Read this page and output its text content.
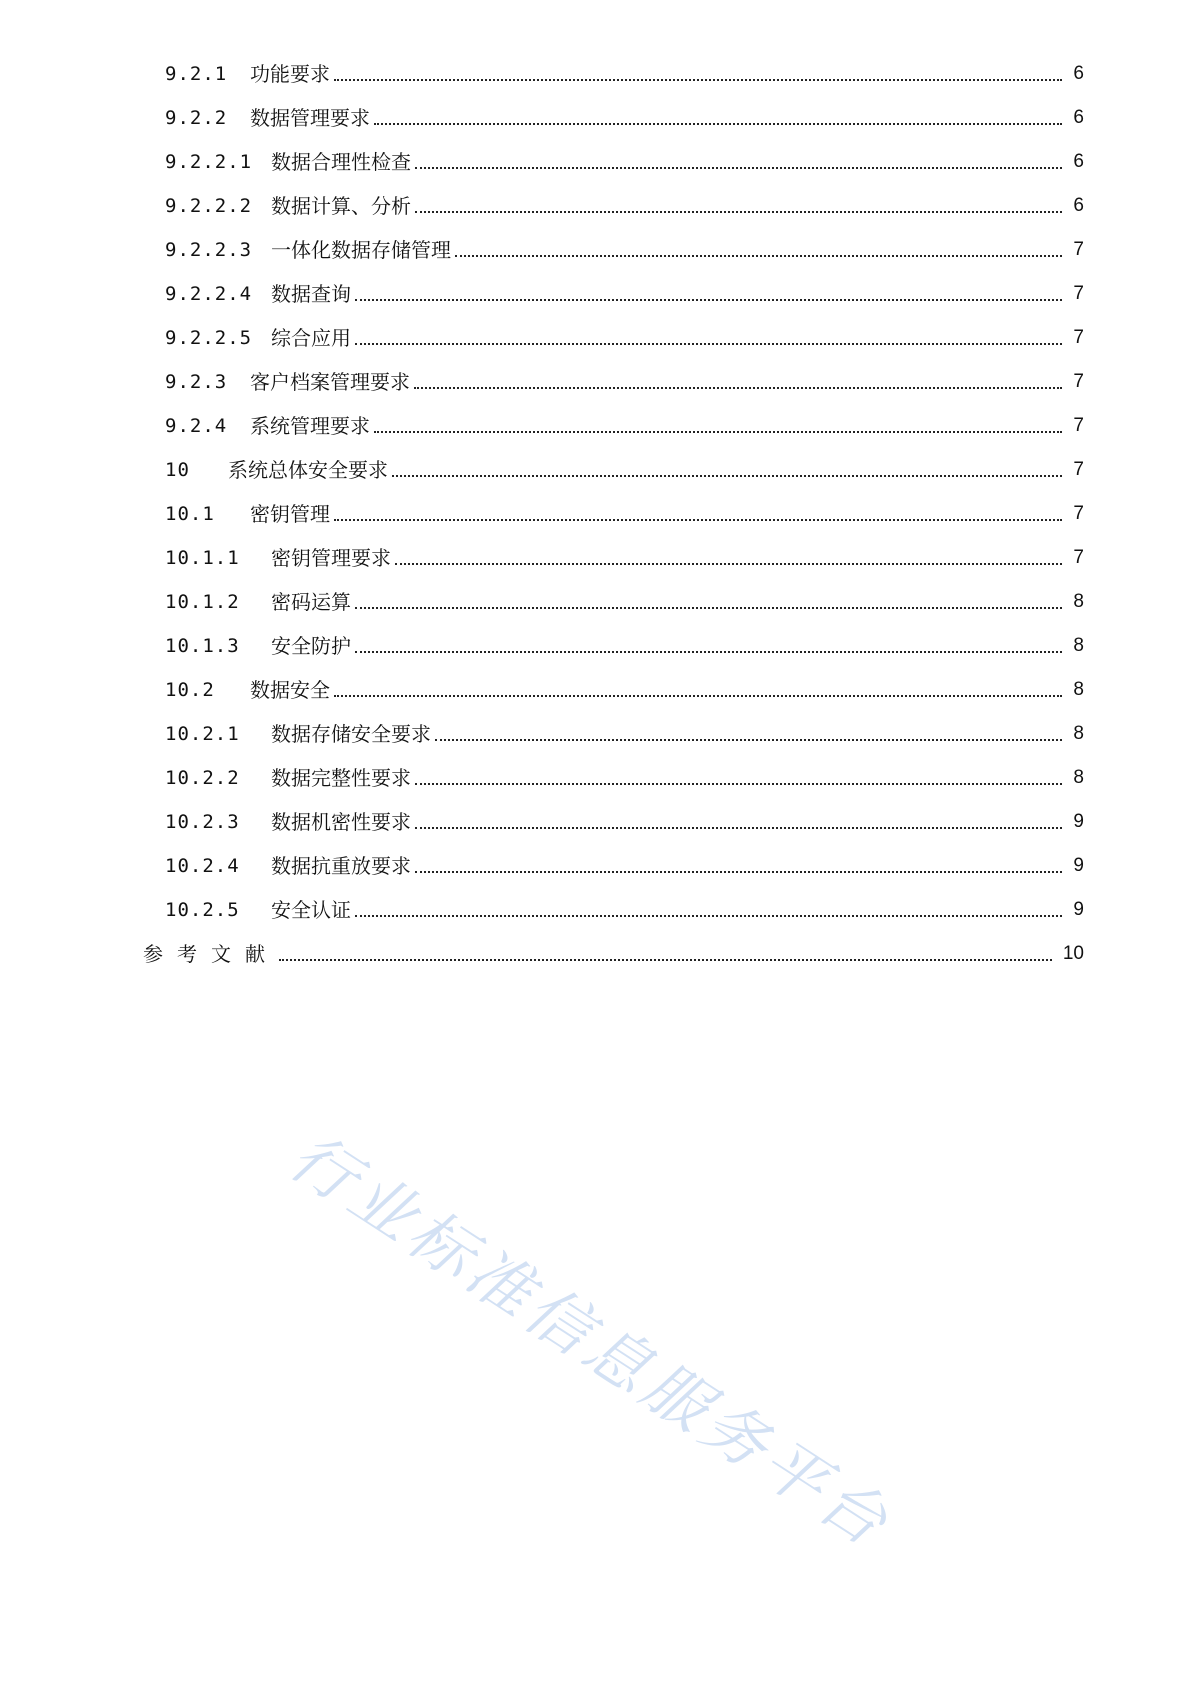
9.2.1 功能要求	6
9.2.2 数据管理要求	6
9.2.2.1 数据合理性检查	6
9.2.2.2 数据计算、分析	6
9.2.2.3 一体化数据存储管理	7
9.2.2.4 数据查询	7
9.2.2.5 综合应用	7
9.2.3 客户档案管理要求	7
9.2.4 系统管理要求	7
10 系统总体安全要求	7
10.1 密钥管理	7
10.1.1 密钥管理要求	7
10.1.2 密码运算	8
10.1.3 安全防护	8
10.2 数据安全	8
10.2.1 数据存储安全要求	8
10.2.2 数据完整性要求	8
10.2.3 数据机密性要求	9
10.2.4 数据抗重放要求	9
10.2.5 安全认证	9
参考文献	10
行业标准信息服务平台
